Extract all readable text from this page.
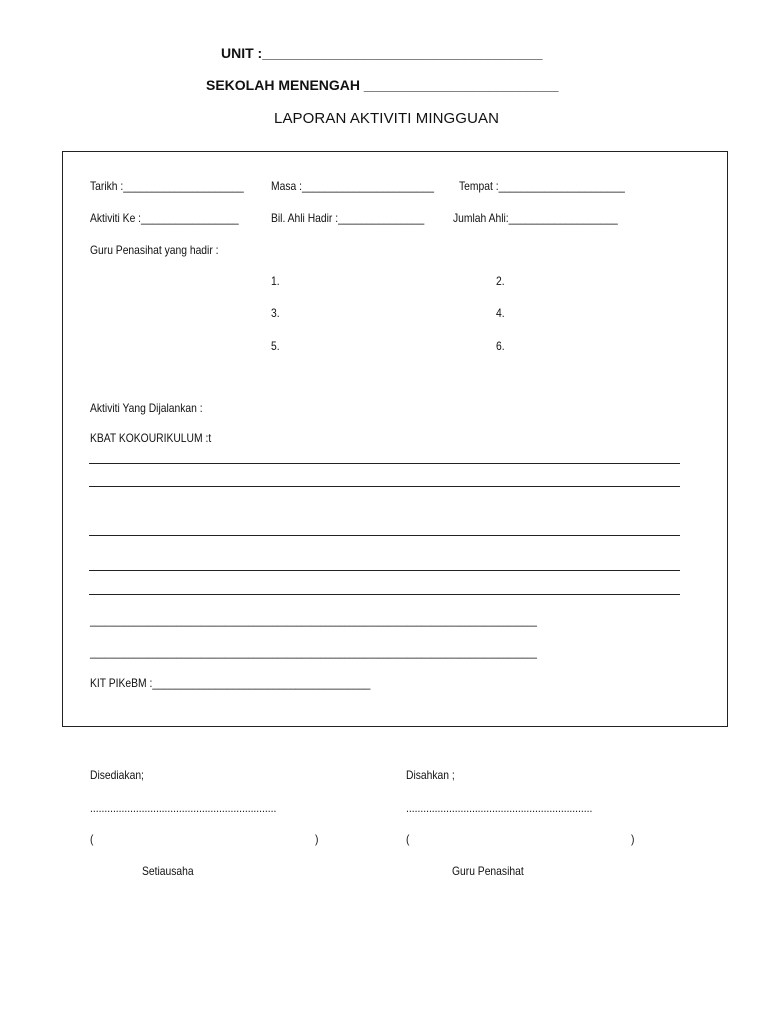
UNIT :____________________________________
SEKOLAH MENENGAH _________________________
LAPORAN AKTIVITI MINGGUAN
Tarikh :_____________________ Masa :_______________________ Tempat :______________________
Aktiviti Ke :_________________	Bil. Ahli Hadir :_______________ Jumlah Ahli:___________________
Guru Penasihat yang hadir :
1.	2.
3.	4.
5.	6.
Aktiviti Yang Dijalankan :
KBAT KOKOURIKULUM :t
_____________________________________________________________________________________________
_____________________________________________________________________________________________
KIT PIKeBM :______________________________________
Disediakan;
.................................................................
(	)
Setiausaha
Disahkan ;
.................................................................
(	)
Guru Penasihat
